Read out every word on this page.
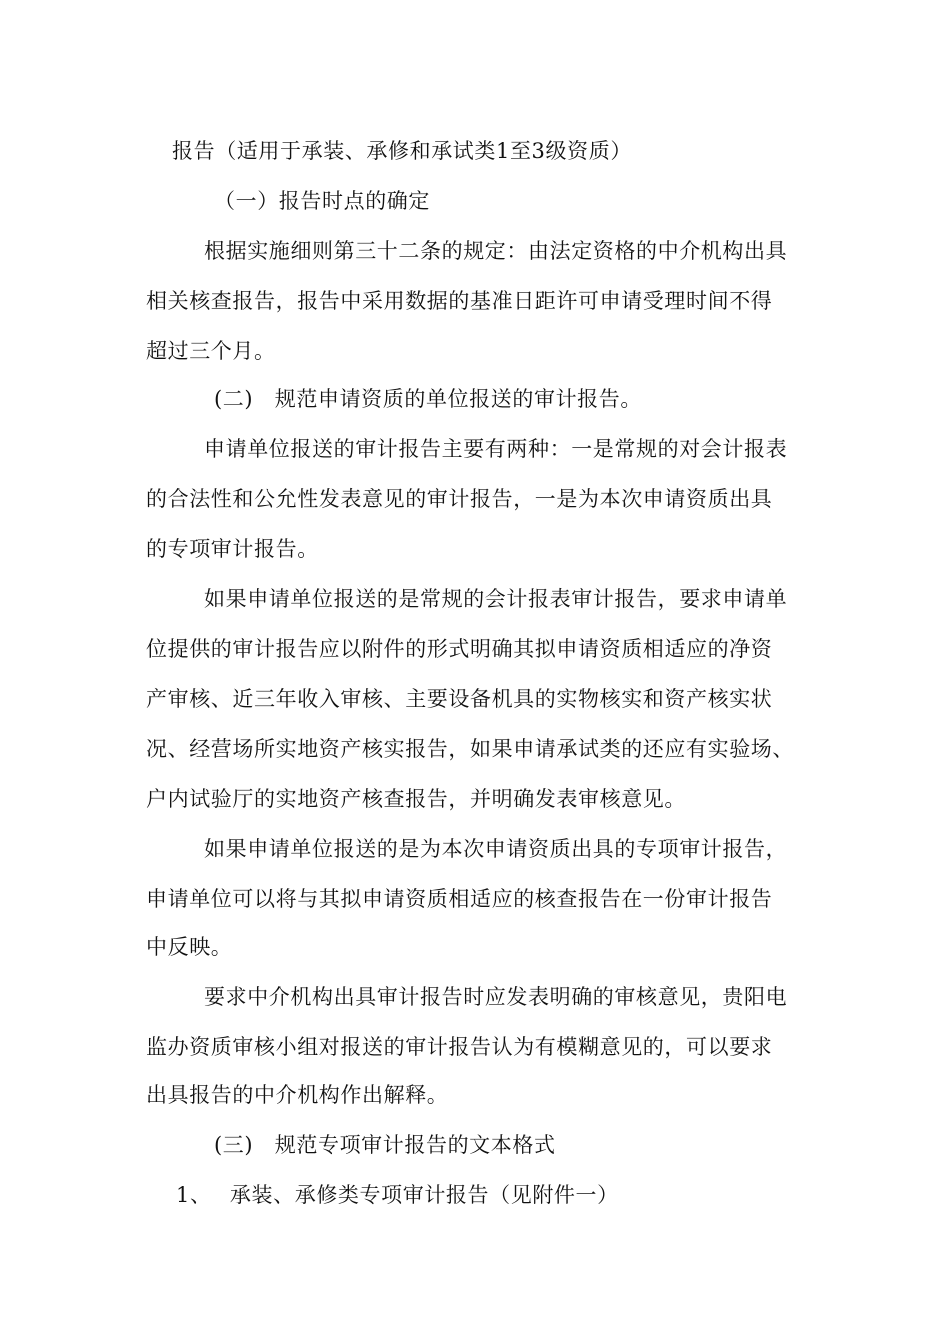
报告（适用于承装、承修和承试类1至3级资质）
（一）报告时点的确定
根据实施细则第三十二条的规定：由法定资格的中介机构出具
相关核查报告，报告中采用数据的基准日距许可申请受理时间不得
超过三个月。
(二)　规范申请资质的单位报送的审计报告。
申请单位报送的审计报告主要有两种：一是常规的对会计报表
的合法性和公允性发表意见的审计报告，一是为本次申请资质出具
的专项审计报告。
如果申请单位报送的是常规的会计报表审计报告，要求申请单
位提供的审计报告应以附件的形式明确其拟申请资质相适应的净资
产审核、近三年收入审核、主要设备机具的实物核实和资产核实状
况、经营场所实地资产核实报告，如果申请承试类的还应有实验场、
户内试验厅的实地资产核查报告，并明确发表审核意见。
如果申请单位报送的是为本次申请资质出具的专项审计报告，
申请单位可以将与其拟申请资质相适应的核查报告在一份审计报告
中反映。
要求中介机构出具审计报告时应发表明确的审核意见，贵阳电
监办资质审核小组对报送的审计报告认为有模糊意见的，可以要求
出具报告的中介机构作出解释。
(三)　规范专项审计报告的文本格式
1、　 承装、承修类专项审计报告（见附件一）
